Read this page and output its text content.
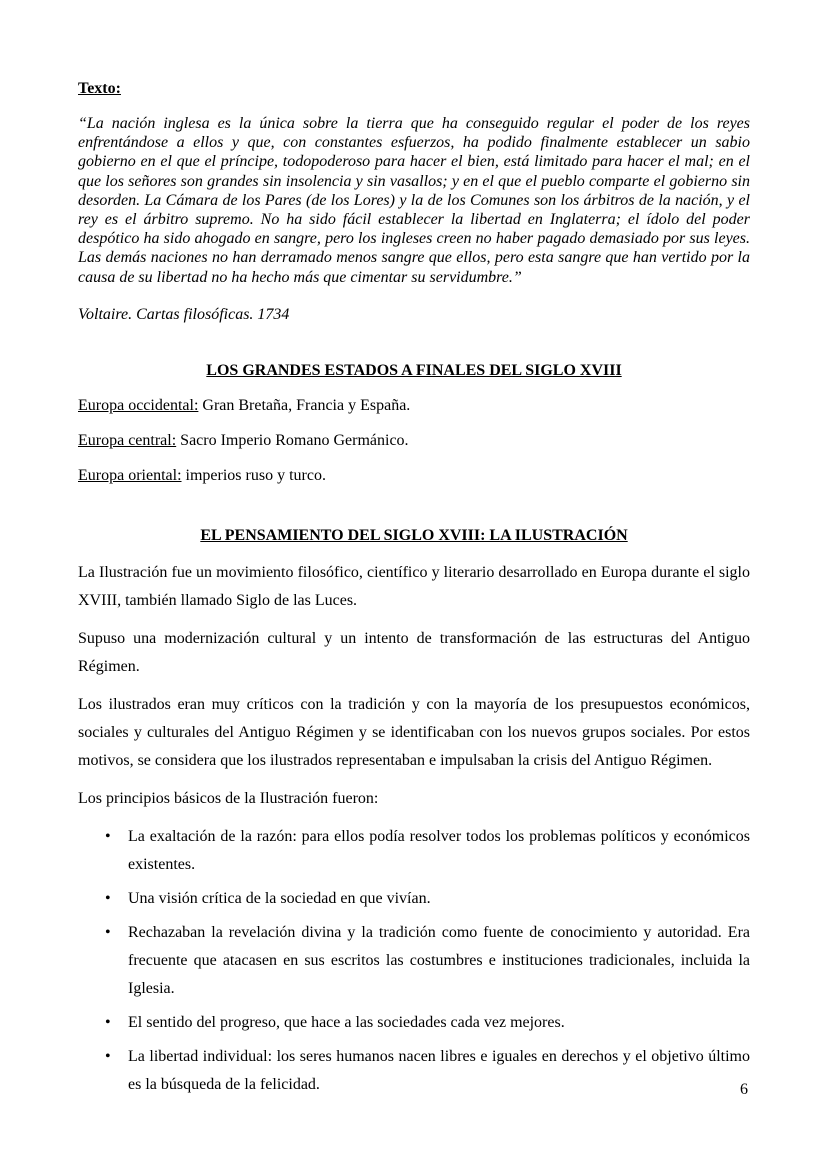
Texto:

“La nación inglesa es la única sobre la tierra que ha conseguido regular el poder de los reyes enfrentándose a ellos y que, con constantes esfuerzos, ha podido finalmente establecer un sabio gobierno en el que el príncipe, todopoderoso para hacer el bien, está limitado para hacer el mal; en el que los señores son grandes sin insolencia y sin vasallos; y en el que el pueblo comparte el gobierno sin desorden. La Cámara de los Pares (de los Lores) y la de los Comunes son los árbitros de la nación, y el rey es el árbitro supremo. No ha sido fácil establecer la libertad en Inglaterra; el ídolo del poder despótico ha sido ahogado en sangre, pero los ingleses creen no haber pagado demasiado por sus leyes. Las demás naciones no han derramado menos sangre que ellos, pero esta sangre que han vertido por la causa de su libertad no ha hecho más que cimentar su servidumbre.”

Voltaire. Cartas filosóficas. 1734

LOS GRANDES ESTADOS A FINALES DEL SIGLO XVIII

Europa occidental: Gran Bretaña, Francia y España.

Europa central: Sacro Imperio Romano Germánico.

Europa oriental: imperios ruso y turco.

EL PENSAMIENTO DEL SIGLO XVIII: LA ILUSTRACIÓN

La Ilustración fue un movimiento filosófico, científico y literario desarrollado en Europa durante el siglo XVIII, también llamado Siglo de las Luces.

Supuso una modernización cultural y un intento de transformación de las estructuras del Antiguo Régimen.

Los ilustrados eran muy críticos con la tradición y con la mayoría de los presupuestos económicos, sociales y culturales del Antiguo Régimen y se identificaban con los nuevos grupos sociales. Por estos motivos, se considera que los ilustrados representaban e impulsaban la crisis del Antiguo Régimen.

Los principios básicos de la Ilustración fueron:

•	La exaltación de la razón: para ellos podía resolver todos los problemas políticos y económicos existentes.
•	Una visión crítica de la sociedad en que vivían.
•	Rechazaban la revelación divina y la tradición como fuente de conocimiento y autoridad. Era frecuente que atacasen en sus escritos las costumbres e instituciones tradicionales, incluida la Iglesia.
•	El sentido del progreso, que hace a las sociedades cada vez mejores.
•	La libertad individual: los seres humanos nacen libres e iguales en derechos y el objetivo último es la búsqueda de la felicidad.	6
